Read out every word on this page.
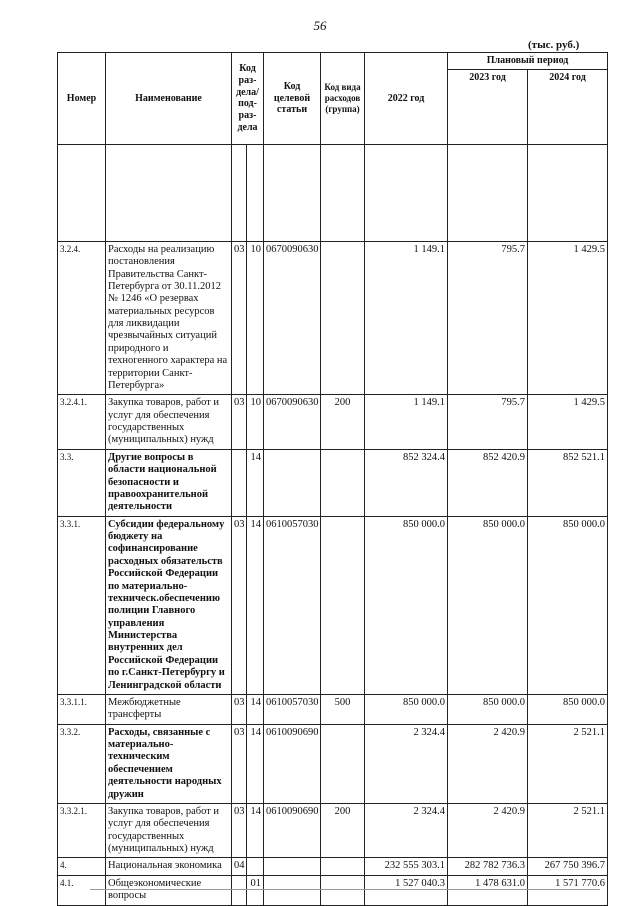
56
(тыс. руб.)
Номер	Наименование	Код раз-дела/ под-раз-дела		Код целевой статьи	Код вида расходов (группа)	2022 год	Плановый период	
							2023 год	2024 год

3.2.4.	Расходы на реализацию постановления Правительства Санкт-Петербурга от 30.11.2012 № 1246 «О резервах материальных ресурсов для ликвидации чрезвычайных ситуаций природного и техногенного характера на территории Санкт-Петербурга»	03	10	0670090630		1 149.1	795.7	1 429.5
3.2.4.1.	Закупка товаров, работ и услуг для обеспечения государственных (муниципальных) нужд	03	10	0670090630	200	1 149.1	795.7	1 429.5
3.3.	Другие вопросы в области национальной безопасности и правоохранительной деятельности		14			852 324.4	852 420.9	852 521.1
3.3.1.	Субсидии федеральному бюджету на софинансирование расходных обязательств Российской Федерации по материально-техническ.обеспечению полиции Главного управления Министерства внутренних дел Российской Федерации по г.Санкт-Петербургу и Ленинградской области	03	14	0610057030		850 000.0	850 000.0	850 000.0
3.3.1.1.	Межбюджетные трансферты	03	14	0610057030	500	850 000.0	850 000.0	850 000.0
3.3.2.	Расходы, связанные с материально-техническим обеспечением деятельности народных дружин	03	14	0610090690		2 324.4	2 420.9	2 521.1
3.3.2.1.	Закупка товаров, работ и услуг для обеспечения государственных (муниципальных) нужд	03	14	0610090690	200	2 324.4	2 420.9	2 521.1
4.	Национальная экономика	04				232 555 303.1	282 782 736.3	267 750 396.7
4.1.	Общеэкономические вопросы		01			1 527 040.3	1 478 631.0	1 571 770.6
